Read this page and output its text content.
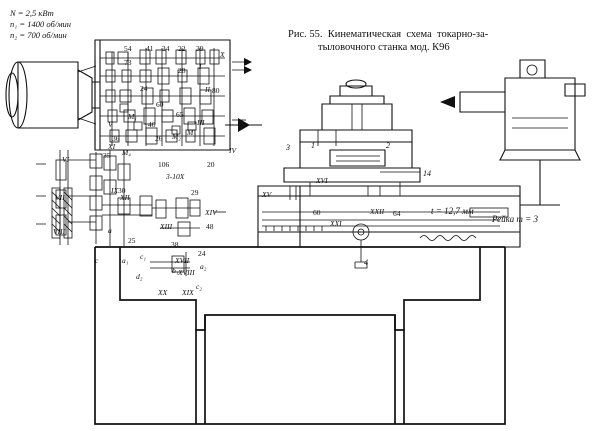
Рис. 55.  Кинематическая  схема  токарно-за-
тыловочного станка мод. К96
N = 2,5 кВт
n₁ = 1400 об/мин
n₂ = 700 об/мин
t = 12,7 мм
Рейка m = 3
3-10Х
I
II
III
IV
V
VI
VII
VIII
IX
X
XI
XII
XIII
XIV
XV
XVI
XVII
XVIII
XIX
XX
XXI
XXII
73
54 41 34 22 39
28
24
60
65
26
36
35
40
20
106
29
30
25
48
38
24
64
5
4
3	1	2
14
60
80
M₁
M₂ M₃
M₄
c	a₁ c₁
d₂
b₁	a₂
c₂
a
